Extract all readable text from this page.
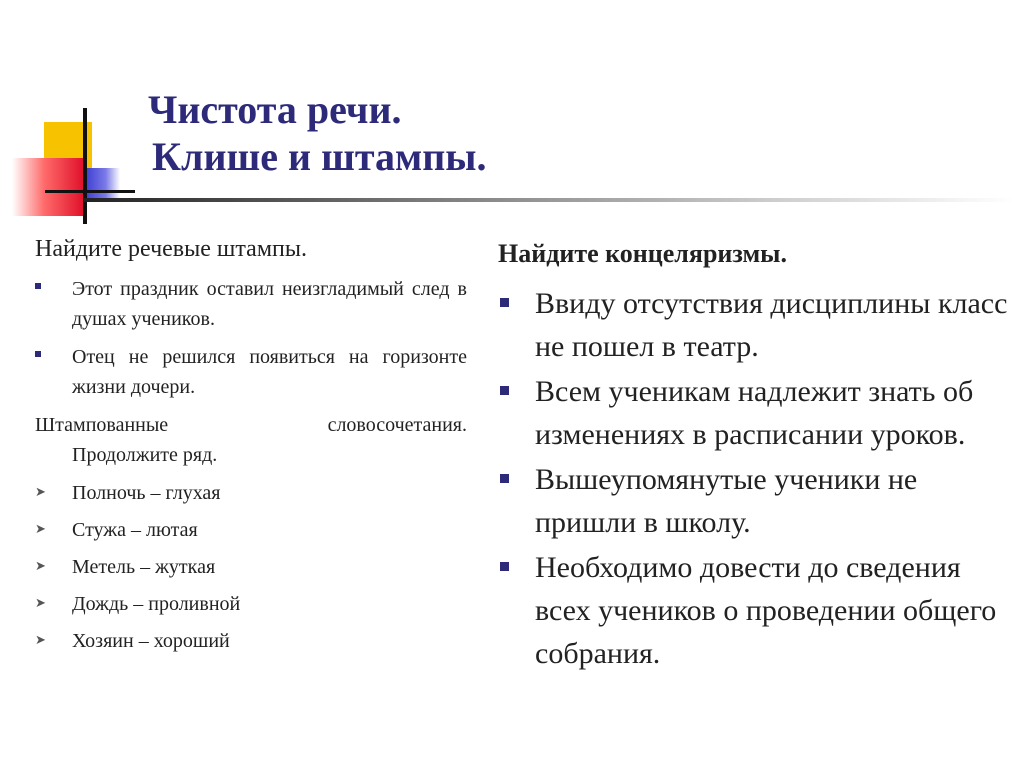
Чистота речи.
Клише и штампы.
Найдите речевые штампы.
Этот праздник оставил неизгладимый след в душах учеников.
Отец не решился появиться на горизонте жизни дочери.
Штампованные словосочетания.
Продолжите ряд.
➤ Полночь – глухая
➤ Стужа – лютая
➤ Метель – жуткая
➤ Дождь – проливной
➤ Хозяин – хороший
Найдите концеляризмы.
Ввиду отсутствия дисциплины класс не пошел в театр.
Всем ученикам надлежит знать об изменениях в расписании уроков.
Вышеупомянутые ученики не пришли в школу.
Необходимо довести до сведения всех учеников о проведении общего собрания.
